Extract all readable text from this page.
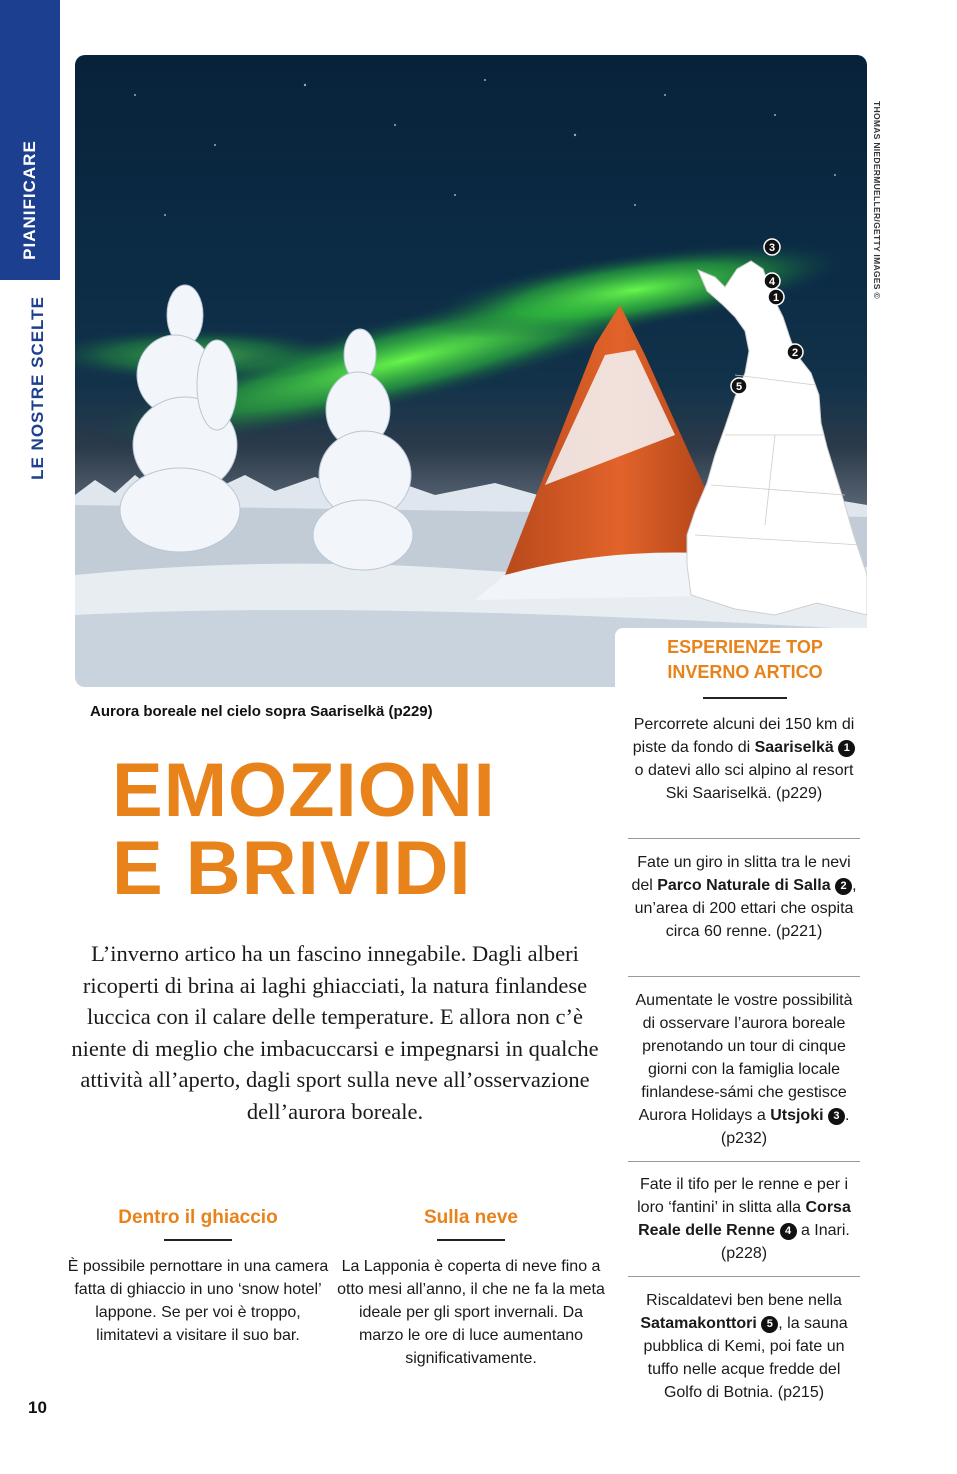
PIANIFICARE
LE NOSTRE SCELTE
3
4
1
2
5
THOMAS NIEDERMUELLER/GETTY IMAGES ©
Aurora boreale nel cielo sopra Saariselkä (p229)
EMOZIONI
E BRIVIDI
L’inverno artico ha un fascino innegabile. Dagli alberi ricoperti di brina ai laghi ghiacciati, la natura finlandese luccica con il calare delle temperature. E allora non c’è niente di meglio che imbacuccarsi e impegnarsi in qualche attività all’aperto, dagli sport sulla neve all’osservazione dell’aurora boreale.
Dentro il ghiaccio

È possibile pernottare in una camera fatta di ghiaccio in uno ‘snow hotel’ lappone. Se per voi è troppo, limitatevi a visitare il suo bar.

Sulla neve

La Lapponia è coperta di neve fino a otto mesi all’anno, il che ne fa la meta ideale per gli sport invernali. Da marzo le ore di luce aumentano significativamente.

ESPERIENZE TOP
INVERNO ARTICO
Percorrete alcuni dei 150 km di piste da fondo di Saariselkä 1 o datevi allo sci alpino al resort Ski Saariselkä. (p229)
Fate un giro in slitta tra le nevi del Parco Naturale di Salla 2 , un’area di 200 ettari che ospita circa 60 renne. (p221)
Aumentate le vostre possibilità di osservare l’aurora boreale prenotando un tour di cinque giorni con la famiglia locale finlandese-sámi che gestisce Aurora Holidays a Utsjoki 3 . (p232)
Fate il tifo per le renne e per i loro ‘fantini’ in slitta alla Corsa Reale delle Renne 4 a Inari. (p228)
Riscaldatevi ben bene nella Satamakonttori 5 , la sauna pubblica di Kemi, poi fate un tuffo nelle acque fredde del Golfo di Botnia. (p215)
10
